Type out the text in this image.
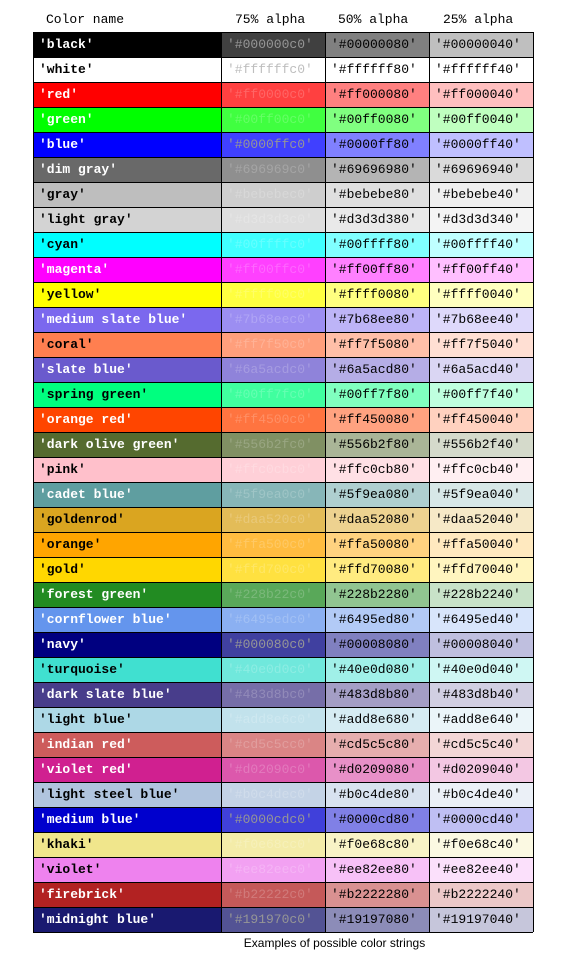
Color name	75% alpha	50% alpha	25% alpha
'black'	'#000000c0'	'#00000080'	'#00000040'
'white'	'#ffffffc0'	'#ffffff80'	'#ffffff40'
'red'	'#ff0000c0'	'#ff000080'	'#ff000040'
'green'	'#00ff00c0'	'#00ff0080'	'#00ff0040'
'blue'	'#0000ffc0'	'#0000ff80'	'#0000ff40'
'dim gray'	'#696969c0'	'#69696980'	'#69696940'
'gray'	'#bebebec0'	'#bebebe80'	'#bebebe40'
'light gray'	'#d3d3d3c0'	'#d3d3d380'	'#d3d3d340'
'cyan'	'#00ffffc0'	'#00ffff80'	'#00ffff40'
'magenta'	'#ff00ffc0'	'#ff00ff80'	'#ff00ff40'
'yellow'	'#ffff00c0'	'#ffff0080'	'#ffff0040'
'medium slate blue'	'#7b68eec0'	'#7b68ee80'	'#7b68ee40'
'coral'	'#ff7f50c0'	'#ff7f5080'	'#ff7f5040'
'slate blue'	'#6a5acdc0'	'#6a5acd80'	'#6a5acd40'
'spring green'	'#00ff7fc0'	'#00ff7f80'	'#00ff7f40'
'orange red'	'#ff4500c0'	'#ff450080'	'#ff450040'
'dark olive green'	'#556b2fc0'	'#556b2f80'	'#556b2f40'
'pink'	'#ffc0cbc0'	'#ffc0cb80'	'#ffc0cb40'
'cadet blue'	'#5f9ea0c0'	'#5f9ea080'	'#5f9ea040'
'goldenrod'	'#daa520c0'	'#daa52080'	'#daa52040'
'orange'	'#ffa500c0'	'#ffa50080'	'#ffa50040'
'gold'	'#ffd700c0'	'#ffd70080'	'#ffd70040'
'forest green'	'#228b22c0'	'#228b2280'	'#228b2240'
'cornflower blue'	'#6495edc0'	'#6495ed80'	'#6495ed40'
'navy'	'#000080c0'	'#00008080'	'#00008040'
'turquoise'	'#40e0d0c0'	'#40e0d080'	'#40e0d040'
'dark slate blue'	'#483d8bc0'	'#483d8b80'	'#483d8b40'
'light blue'	'#add8e6c0'	'#add8e680'	'#add8e640'
'indian red'	'#cd5c5cc0'	'#cd5c5c80'	'#cd5c5c40'
'violet red'	'#d02090c0'	'#d0209080'	'#d0209040'
'light steel blue'	'#b0c4dec0'	'#b0c4de80'	'#b0c4de40'
'medium blue'	'#0000cdc0'	'#0000cd80'	'#0000cd40'
'khaki'	'#f0e68cc0'	'#f0e68c80'	'#f0e68c40'
'violet'	'#ee82eec0'	'#ee82ee80'	'#ee82ee40'
'firebrick'	'#b22222c0'	'#b2222280'	'#b2222240'
'midnight blue'	'#191970c0'	'#19197080'	'#19197040'
Examples of possible color strings
